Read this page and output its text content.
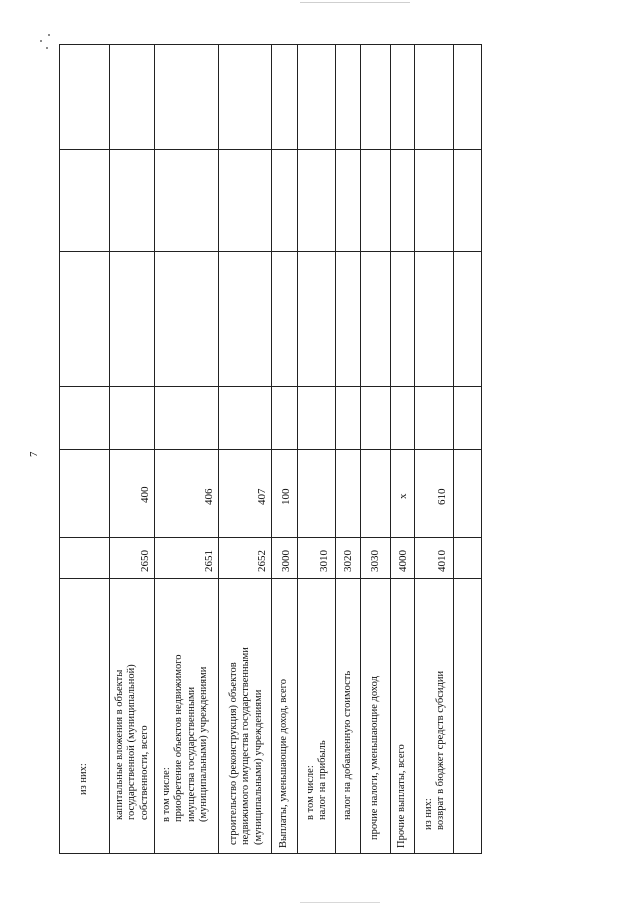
7
из них: капитальные вложения в объекты государственной (муниципальной) собственности, всего
2650
400
в том числе: приобретение объектов недвижимого имущества государственными (муниципальными) учреждениями
2651
406
строительство (реконструкция) объектов недвижимого имущества государственными (муниципальными) учреждениями
2652
407
Выплаты, уменьшающие доход, всего
3000
100
в том числе: налог на прибыль
3010
налог на добавленную стоимость
3020
прочие налоги, уменьшающие доход
3030
Прочие выплаты, всего
4000
x
из них: возврат в бюджет средств субсидии
4010
610
